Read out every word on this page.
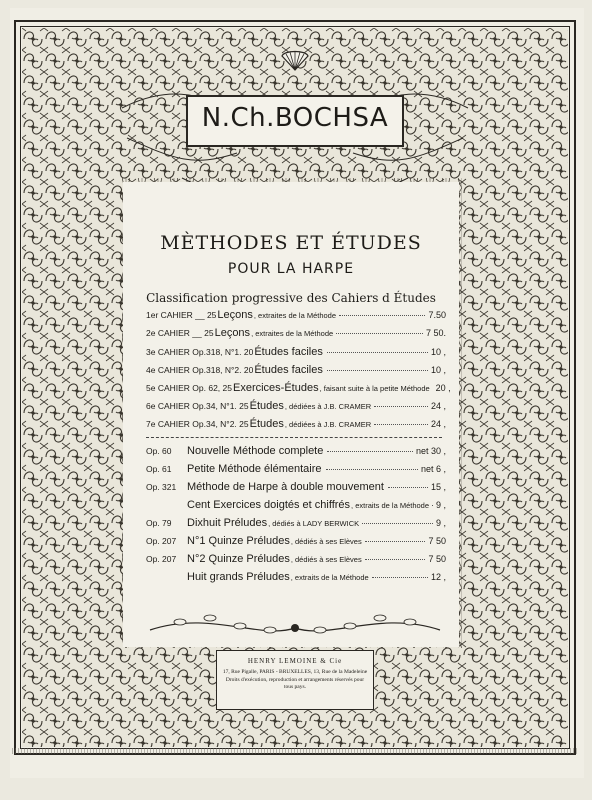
N.Ch.BOCHSA
MÈTHODES ET ÉTUDES
POUR LA HARPE
Classification progressive des Cahiers d Études
1er CAHIER __ 25 Leçons , extraites de la Méthode	7.50
2e CAHIER __ 25 Leçons , extraites de la Méthode	7 50.
3e CAHIER Op.318, N°1. 20 Études faciles	10 ,
4e CAHIER Op.318, N°2. 20 Études faciles	10 ,
5e CAHIER Op. 62, 25 Exercices-Études , faisant suite à la petite Méthode 20 ,
6e CAHIER Op.34, N°1. 25 Études , dédiées à J.B. CRAMER	24 ,
7e CAHIER Op.34, N°2. 25 Études , dédiées à J.B. CRAMER	24 ,
Op. 60	Nouvelle Méthode complete	net 30 ,
Op. 61	Petite Méthode élémentaire	net 6 ,
Op. 321 Méthode de Harpe à double mouvement	15 ,
Cent Exercices doigtés et chiffrés , extraits de la Méthode 9 ,
Op. 79	Dixhuit Préludes , dédiés à LADY BERWICK	9 ,
Op. 207 N°1 Quinze Préludes , dédiés à ses Elèves	7 50
Op. 207 N°2 Quinze Préludes , dédiés à ses Elèves	7 50
Huit grands Préludes , extraits de la Méthode	12 ,
HENRY LEMOINE & Cie
17, Rue Pigalle, PARIS - BRUXELLES, 13, Rue de la Madeleine
Droits d'exécution, reproduction et arrangements réservés pour tous pays.
